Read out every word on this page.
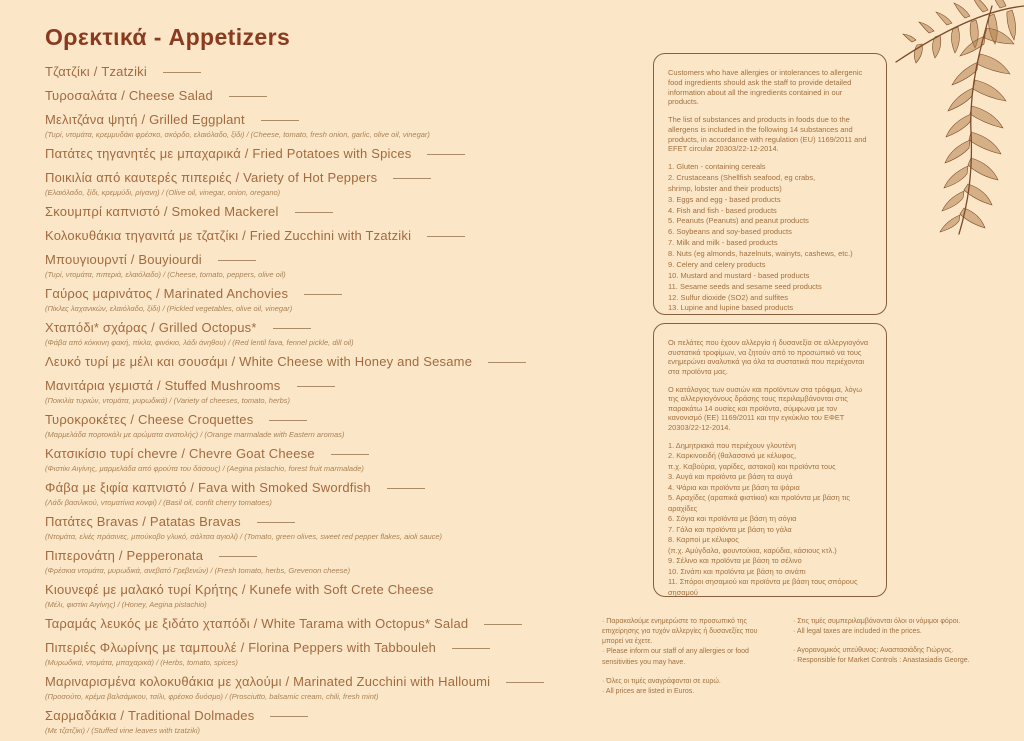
Ορεκτικά - Appetizers
Τζατζίκι / Tzatziki
Τυροσαλάτα / Cheese Salad
Μελιτζάνα ψητή / Grilled Eggplant
(Τυρί, ντομάτα, κρεμμυδάκι φρέσκο, σκόρδο, ελαιόλαδο, ξίδι) / (Cheese, tomato, fresh onion, garlic, olive oil, vinegar)
Πατάτες τηγανητές με μπαχαρικά / Fried Potatoes with Spices
Ποικιλία από καυτερές πιπεριές / Variety of Hot Peppers
(Ελαιόλαδο, ξίδι, κρεμμύδι, ρίγανη) / (Olive oil, vinegar, onion, oregano)
Σκουμπρί καπνιστό / Smoked Mackerel
Κολοκυθάκια τηγανιτά με τζατζίκι / Fried Zucchini with Tzatziki
Μπουγιουρντί / Bouyiourdi
(Τυρί, ντομάτα, πιπεριά, ελαιόλαδο) / (Cheese, tomato, peppers, olive oil)
Γαύρος μαρινάτος / Marinated Anchovies
(Πίκλες λαχανικών, ελαιόλαδο, ξίδι) / (Pickled vegetables, olive oil, vinegar)
Χταπόδι* σχάρας / Grilled Octopus*
(Φάβα από κόκκινη φακή, πίκλα, φινόκιο, λάδι άνηθου) / (Red lentil fava, fennel pickle, dill oil)
Λευκό τυρί με μέλι και σουσάμι / White Cheese with Honey and Sesame
Μανιτάρια γεμιστά / Stuffed Mushrooms
(Ποικιλία τυριών, ντομάτα, μυρωδικά) / (Variety of cheeses, tomato, herbs)
Τυροκροκέτες / Cheese Croquettes
(Μαρμελάδα πορτοκάλι με αρώματα ανατολής) / (Orange marmalade with Eastern aromas)
Κατσικίσιο τυρί chevre / Chevre Goat Cheese
(Φιστίκι Αιγίνης, μαρμελάδα από φρούτα του δάσους) / (Aegina pistachio, forest fruit marmalade)
Φάβα με ξιφία καπνιστό / Fava with Smoked Swordfish
(Λάδι βασιλικού, ντοματίνια κονφί) / (Basil oil, confit cherry tomatoes)
Πατάτες Bravas / Patatas Bravas
(Ντομάτα, ελιές πράσινες, μπούκοβο γλυκό, σάλτσα αγιολί) / (Tomato, green olives, sweet red pepper flakes, aioli sauce)
Πιπερονάτη / Pepperonata
(Φρέσκια ντομάτα, μυρωδικά, ανεβατό Γρεβενών) / (Fresh tomato, herbs, Grevenon cheese)
Κιουνεφέ με μαλακό τυρί Κρήτης / Kunefe with Soft Crete Cheese
(Μέλι, φιστίκι Αιγίνης) / (Honey, Aegina pistachio)
Ταραμάς λευκός με ξιδάτο χταπόδι / White Tarama with Octopus* Salad
Πιπεριές Φλωρίνης με ταμπουλέ / Florina Peppers with Tabbouleh
(Μυρωδικά, ντομάτα, μπαχαρικά) / (Herbs, tomato, spices)
Μαριναρισμένα κολοκυθάκια με χαλούμι / Marinated Zucchini with Halloumi
(Προσούτο, κρέμα βαλσάμικου, τσίλι, φρέσκο δυόσμο) / (Prosciutto, balsamic cream, chili, fresh mint)
Σαρμαδάκια / Traditional Dolmades
(Με τζατζίκι) / (Stuffed vine leaves with tzatziki)

Customers who have allergies or intolerances to allergenic food ingredients should ask the staff to provide detailed information about all the ingredients contained in our products.

The list of substances and products in foods due to the allergens is included in the following 14 substances and products, in accordance with regulation (EU) 1169/2011 and EFET circular 20303/22-12-2014.

1. Gluten - containing cereals
2. Crustaceans (Shellfish seafood, eg crabs,
shrimp, lobster and their products)
3. Eggs and egg - based products
4. Fish and fish - based products
5. Peanuts (Peanuts) and peanut products
6. Soybeans and soy-based products
7. Milk and milk - based products
8. Nuts (eg almonds, hazelnuts, wainyts, cashews, etc.)
9. Celery and celery products
10. Mustard and mustard - based products
11. Sesame seeds and sesame seed products
12. Sulfur dioxide (SO2) and sulfites
13. Lupine and lupine based products

Οι πελάτες που έχουν αλλεργία ή δυσανεξία σε αλλεργιογόνα συστατικά τροφίμων, να ζητούν από το προσωπικό να τους ενημερώνει αναλυτικά για όλα τα συστατικά που περιέχονται στα προϊόντα μας.

Ο κατάλογος των ουσιών και προϊόντων στα τρόφιμα, λόγω της αλλεργιογόνους δράσης τους περιλαμβάνονται στις παρακάτω 14 ουσίες και προϊόντα, σύμφωνα με τον κανονισμό (ΕΕ) 1169/2011 και την εγκύκλιο του ΕΦΕΤ 20303/22-12-2014.

1. Δημητριακά που περιέχουν γλουτένη
2. Καρκινοειδή (θαλασσινά με κέλυφος,
π.χ. Καβούρια, γαρίδες, αστακοί) και προϊόντα τους
3. Αυγά και προϊόντα με βάση τα αυγά
4. Ψάρια και προϊόντα με βάση τα ψάρια
5. Αραχίδες (αραπικά φιστίκια) και προϊόντα με βάση τις αραχίδες
6. Σόγια και προϊόντα με βάση τη σόγια
7. Γάλα και προϊόντα με βάση το γάλα
8. Καρποί με κέλυφος
(π.χ. Αμύγδαλα, φουντούκια, καρύδια, κάσιους κτλ.)
9. Σέλινο και προϊόντα με βάση το σέλινο
10. Σινάπι και προϊόντα με βάση το σινάπι
11. Σπόροι σησαμιού και προϊόντα με βάση τους σπόρους σησαμού
· Παρακαλούμε ενημερώστε το προσωπικό της επιχείρησης για τυχόν αλλεργίες ή δυσανεξίες που μπορεί να έχετε.
· Please inform our staff of any allergies or food sensitivities you may have.
· Όλες οι τιμές αναγράφονται σε ευρώ.
· All prices are listed in Euros.
· Στις τιμές συμπεριλαμβάνονται όλοι οι νόμιμοι φόροι.
· All legal taxes are included in the prices.
· Αγορανομικός υπεύθυνος: Αναστασιάδης Γιώργος.
· Responsible for Market Controls : Anastasiadis George.
